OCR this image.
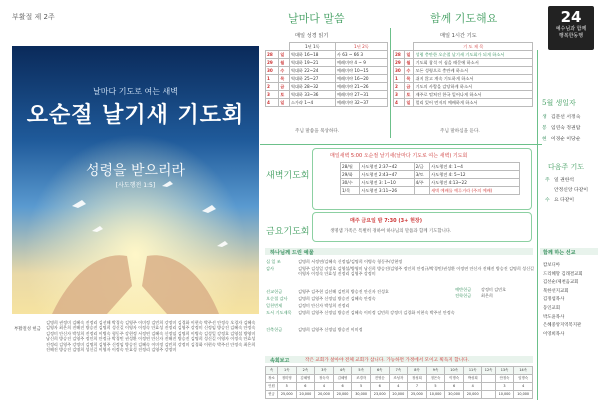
부활절 제 2주	24
예수님과 함께
행복한동행
날마다 기도로 여는 새벽
오순절 날기새 기도회
성령을 받으리라
[사도행전 1:5]
부활절성 헌금
김명희 권정미 김혜숙 진정리 김선해 박경숙 김영주 이미정 김민희 강정미 김경화 이현숙 박주선 안정숙 오경자 김혜숙 김영자 최은희 진해진 방승진 김명희 성신길 이영자 이정숙 안효성 진정리 김영주 강정미 신정임 방승진 김혜숙 안정숙 김정미 안신자 박성희 진정리 이병숙 형동주 강현정 서정연 김혜숙 신정임 김명희 이병숙 김성일 강정호 김영섭 방영미 남신희 방승진 김영주 정인희 안정규 박경민 권성환 이정연 안신자 진해진 방승진 김명희 성신길 이영자 이정숙 안효성 진정리 김영주 강정미 김명희 김영주 신정임 방승진 김혜숙 이미정 김민희 강정미 김경화 이현숙 박주선 안정숙 최은희 진해진 방승진 김명희 성신길 이영자 이정숙 안효성 진정리 김영주 강정미
날마다 말씀	함께 기도해요
매일 성경 읽기	매일 1시간 기도
		1년 1독	1년 2독
28	일	역대하 16~18	사 63 ~ 66 3
29	월	역대하 19~21	예레미야 4 ~ 9
30	수	역대하 22~24	예레미야 10~15
1	목	역대하 25~27	예레미야 16~20
2	금	역대하 28~32	예레미야 21~26
3	토	역대하 33~36	예레미야 27~31
4	일	스가랴 1~4	예레미야 32~37
주님 말씀을 묵상하다.
		기 도 제 목
28	일	성령 충만한 오순절 날기새 기도회가 되게 하소서
29	월	기도회 참석 이 심을 때문에 하소서
30	수	모든 성령으로 충만케 하소서
1	목	쉬지 않고 계속 기도하게 하소서
2	금	기도의 사람을 감당하게 하소서
3	토	제주로 떨쳐진 한국 일어나게 하소서
4	일	멀리 있어 먼저의 예배하게 하소서
주님 말하심을 듣다.
새벽기도회
매일새벽 5:00 오순절 날기새(날마다 기도로 여는 새벽) 기도회
28/월	사도행전 2:37~42	2/금	사도행전 4: 1~4
29/화	사도행전 2:43~47	3/토	사도행전 4: 5~12
30/수	사도행전 3: 1~10	4/주	사도행전 4:13~22
1/목	사도행전 3:11~26		새벽 예배를 예루거라 (주의 예배)
금요기도회
매주 금요일 밤 7:30 (3+ 현장)
생명샘 가족은 특별히 경하여 하나님의 말씀과 함께 기도합니다.
하나님께 드린 예물
십 일 조	김명희 서정연/김혜숙 신정임/김명희 이병숙 형동주/강현정
감사	김영주 김성일 강정호 김영섭/방영미 남신희 방승진/김영주 정인희 안정규/박경민/권성환 이정연 안신자 진해진 방승진 김명희 성신길 이영자 이정숙 안효성 진정리 김영주 강정미
선교헌금	김영주 김주현 김선해 김민희 방승진 안신자 진성호
오순절 감사	김명희 김영주 신정임 방승진 김혜숙 안정숙
일천번제	김정미 안신자 박성희 진정리
도서 기도제목	김명희 김영주 신정임 방승진 김혜숙 이미정 김민희 강정미 김경화 이현숙 박주선 안정숙
건축헌금	김명희 김영주 신정임 방승진 이미정
예반헌금	강정미 김민호
전학헌금	최은희
속회보고	작은 교회가 살아야 전체 교회가 삽니다. 가능하면 가정에서 모이고 획득지 합니다.
속	1속	2속	3속	4속	5속	6속	7속	8속	9속	10속	11속	12속	13속	14속
장소	정미영	김혜영	정숙자	김혜영	조경자	전영순	조성자	정성희	정은숙	이명숙	박성희		안정숙	임명숙
인원	5	6	4	6	5	6	4	7	5	6	4		3	4
헌금	25,000	20,000	20,000	20,000	30,000	23,000	20,000	25,000	10,000	30,000	20,000		10,000	10,000
5월 생일자
생 김문선 서정숙
봉 임연숙 정권탑
현 이경순 이당순
다음주 기도
주 일 권한석
안정신앙 다같이
수 요 다같이
함께 하는 선교
캄보디아
드리혜망 김래결교회
김선순/제천음교회
북한선지교회
김정섭목사
동인교회
박도윤목사
은혜중앙지역복지관
이영희목사
